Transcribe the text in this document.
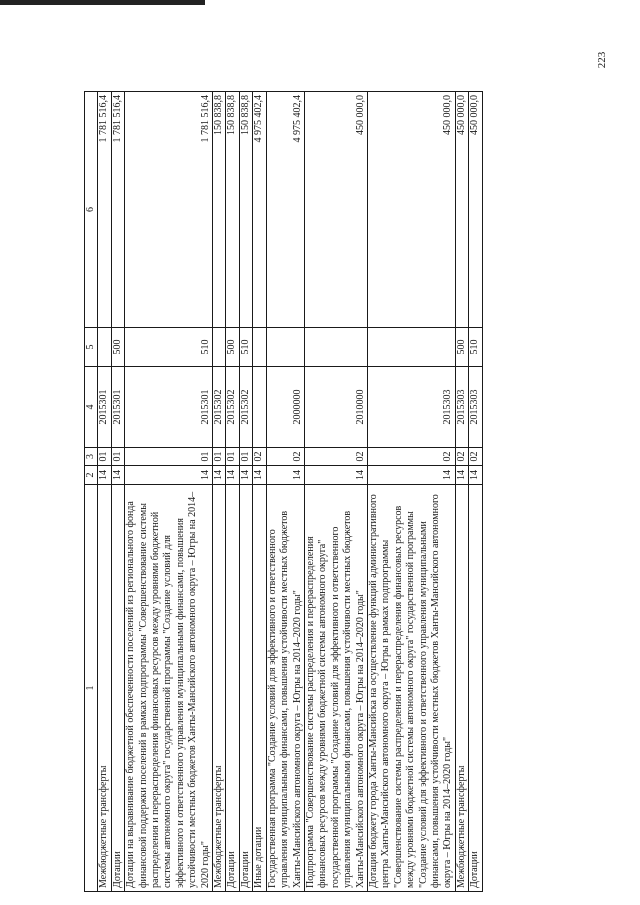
223
1	2	3	4	5	6
Межбюджетные трансферты	14	01	2015301		1 781 516,4
Дотации	14	01	2015301	500	1 781 516,4
Дотации на выравнивание бюджетной обеспеченности поселений из регионального фонда финансовой поддержки поселений в рамках подпрограммы "Совершенствование системы распределения и перераспределения финансовых ресурсов между уровнями бюджетной системы автономного округа" государственной программы "Создание условий для эффективного и ответственного управления муниципальными финансами, повышения устойчивости местных бюджетов Ханты-Мансийского автономного округа – Югры на 2014–2020 годы"	14	01	2015301	510	1 781 516,4
Межбюджетные трансферты	14	01	2015302		150 838,8
Дотации	14	01	2015302	500	150 838,8
Дотации	14	01	2015302	510	150 838,8
Иные дотации	14	02			4 975 402,4
Государственная программа "Создание условий для эффективного и ответственного управления муниципальными финансами, повышения устойчивости местных бюджетов Ханты-Мансийского автономного округа – Югры на 2014–2020 годы"	14	02	2000000		4 975 402,4
Подпрограмма "Совершенствование системы распределения и перераспределения финансовых ресурсов между уровнями бюджетной системы автономного округа" государственной программы "Создание условий для эффективного и ответственного управления муниципальными финансами, повышения устойчивости местных бюджетов Ханты-Мансийского автономного округа – Югры на 2014–2020 годы"	14	02	2010000		450 000,0
Дотация бюджету города Ханты-Мансийска на осуществление функций административного центра Ханты-Мансийского автономного округа – Югры в рамках подпрограммы "Совершенствование системы распределения и перераспределения финансовых ресурсов между уровнями бюджетной системы автономного округа" государственной программы "Создание условий для эффективного и ответственного управления муниципальными финансами, повышения устойчивости местных бюджетов Ханты-Мансийского автономного округа – Югры на 2014–2020 годы"	14	02	2015303		450 000,0
Межбюджетные трансферты	14	02	2015303	500	450 000,0
Дотации	14	02	2015303	510	450 000,0
